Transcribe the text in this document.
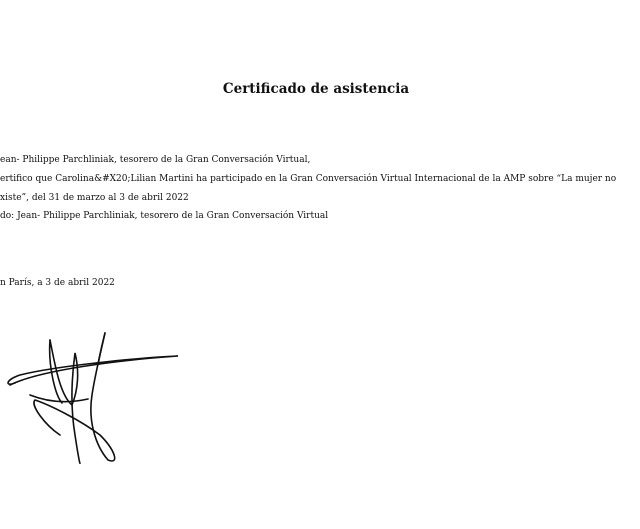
Certificado de asistencia
ean- Philippe Parchliniak, tesorero de la Gran Conversación Virtual,
ertifico que Carolina&#X20;Lilian Martini ha participado en la Gran Conversación Virtual Internacional de la AMP sobre “La mujer no
xiste”, del 31 de marzo al 3 de abril 2022
do: Jean- Philippe Parchliniak, tesorero de la Gran Conversación Virtual
n París, a 3 de abril 2022
